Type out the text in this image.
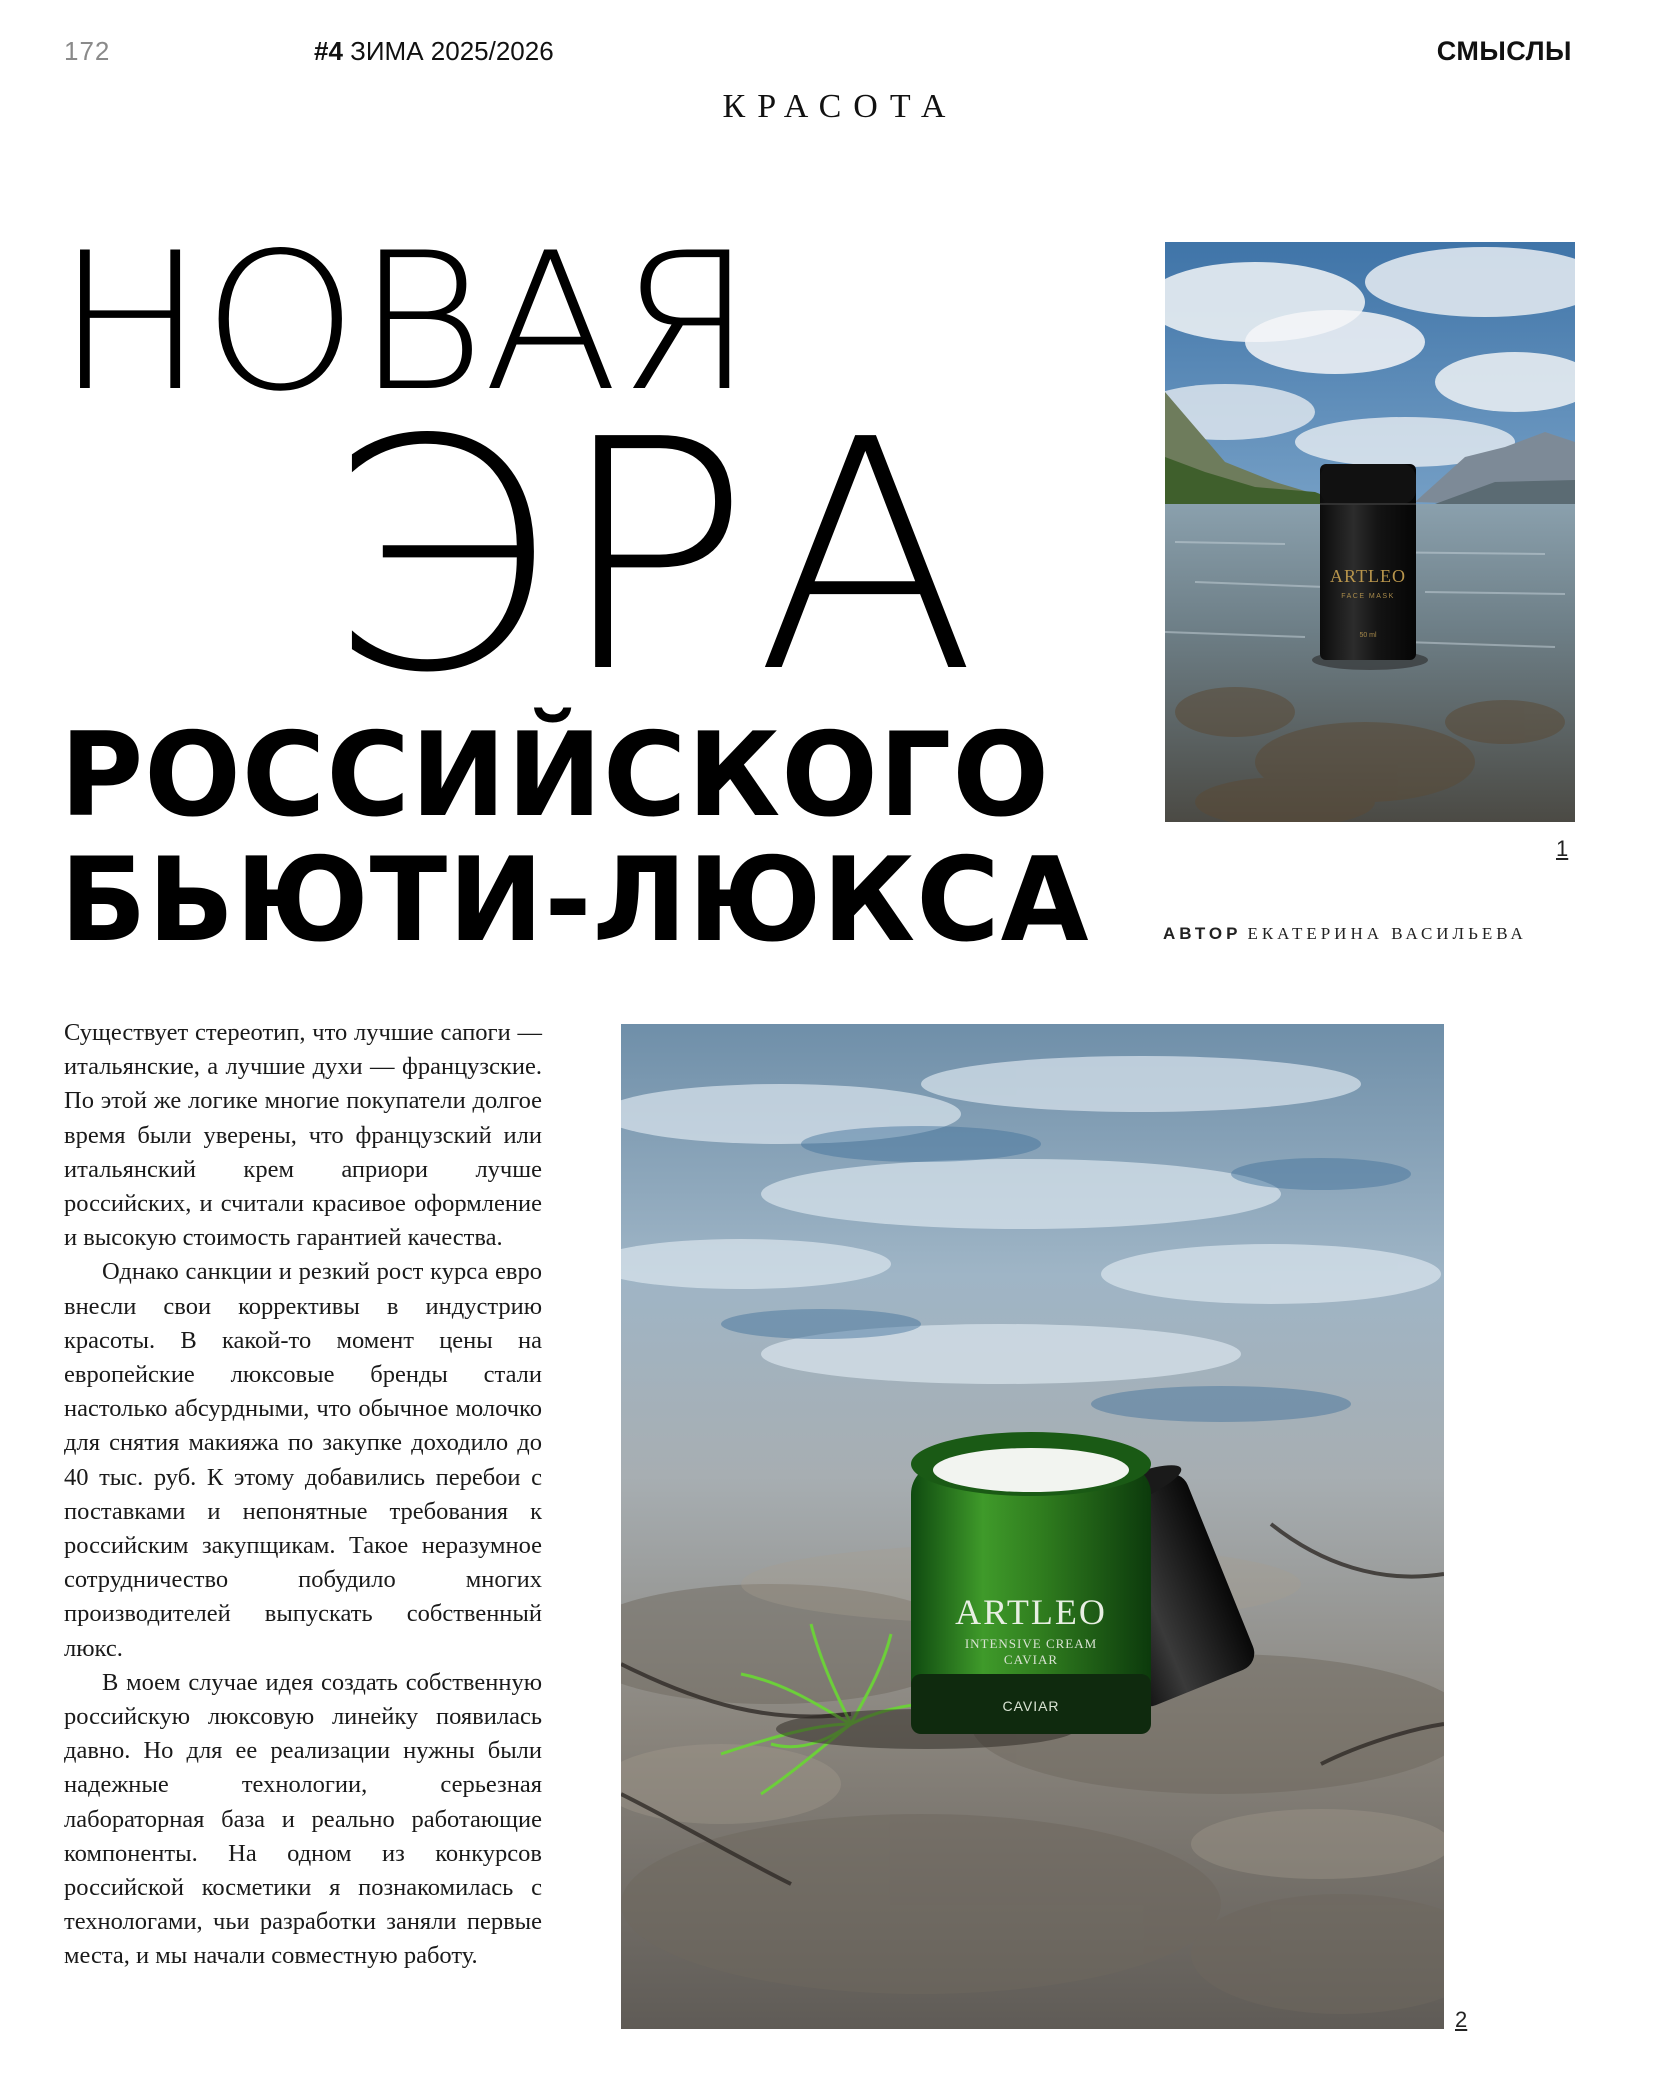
172	#4 ЗИМА 2025/2026	СМЫСЛЫ
КРАСОТА
НОВАЯ
ЭРА
РОССИЙСКОГО
БЬЮТИ-ЛЮКСА
ARTLEO
FACE MASK
50 ml
1
АВТОР ЕКАТЕРИНА ВАСИЛЬЕВА

Существует стереотип, что лучшие сапоги — итальянские, а лучшие духи — французские. По этой же логике многие покупатели долгое время были уверены, что французский или итальянский крем априори лучше российских, и считали красивое оформление и высокую стоимость гарантией качества.

Однако санкции и резкий рост курса евро внесли свои коррективы в индустрию красоты. В какой-то момент цены на европейские люксовые бренды стали настолько абсурдными, что обычное молочко для снятия макияжа по закупке доходило до 40 тыс. руб. К этому добавились перебои с поставками и непонятные требования к российским закупщикам. Такое неразумное сотрудничество побудило многих производителей выпускать собственный люкс.

В моем случае идея создать собственную российскую люксовую линейку появилась давно. Но для ее реализации нужны были надежные технологии, серьезная лабораторная база и реально работающие компоненты. На одном из конкурсов российской косметики я познакомилась с технологами, чьи разработки заняли первые места, и мы начали совместную работу.

ARTLEO
INTENSIVE CREAM
CAVIAR
CAVIAR
2
